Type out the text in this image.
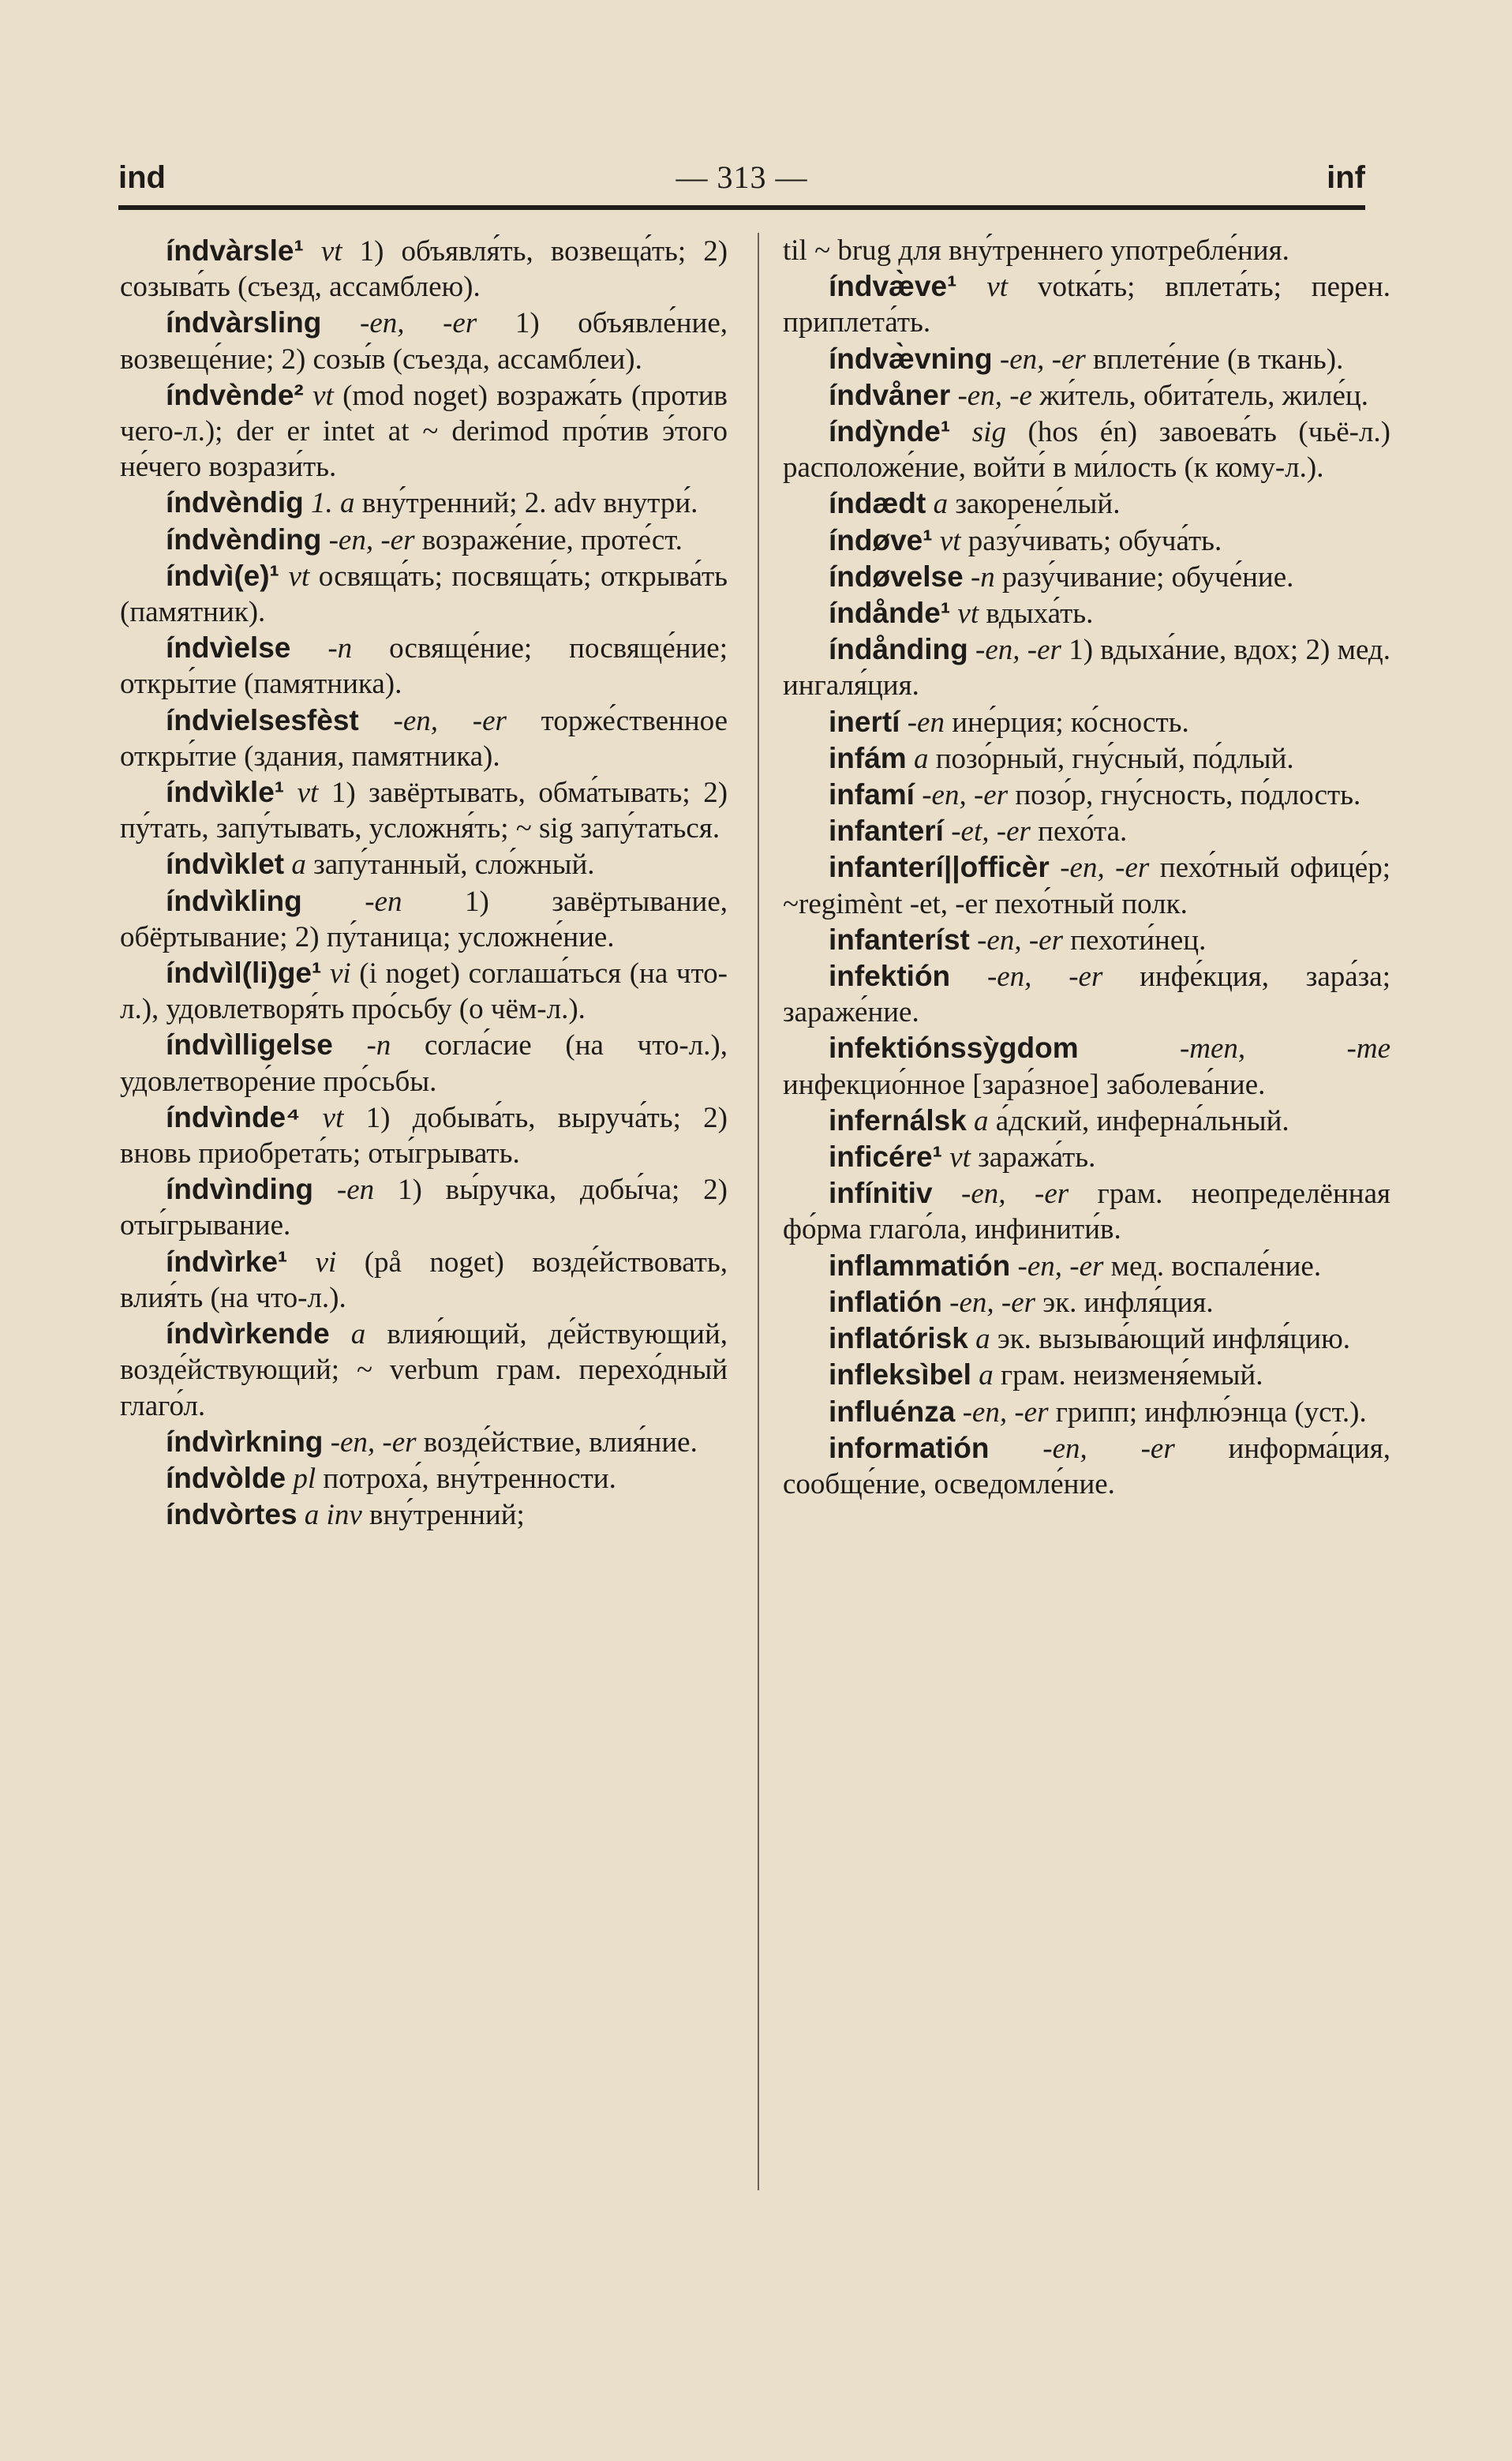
ind	— 313 —	inf

índvàrsle¹ vt 1) объявля́ть, возвеща́ть; 2) созыва́ть (съезд, ассамблею).

índvàrsling -en, -er 1) объявле́ние, возвеще́ние; 2) созы́в (съезда, ассамблеи).

índvènde² vt (mod noget) возража́ть (против чего-л.); der er intet at ~ derimod про́тив э́того не́чего возрази́ть.

índvèndig 1. a вну́тренний; 2. adv внутри́.

índvènding -en, -er возраже́ние, проте́ст.

índvì(e)¹ vt освяща́ть; посвяща́ть; открыва́ть (памятник).

índvìelse -n освяще́ние; посвяще́ние; откры́тие (памятника).

índvielsesfèst -en, -er торже́ственное откры́тие (здания, памятника).

índvìkle¹ vt 1) завёртывать, обма́тывать; 2) пу́тать, запу́тывать, усложня́ть; ~ sig запу́таться.

índvìklet a запу́танный, сло́жный.

índvìkling -en 1) завёртывание, обёртывание; 2) пу́таница; усложне́ние.

índvìl(li)ge¹ vi (i noget) соглаша́ться (на что-л.), удовлетворя́ть про́сьбу (о чём-л.).

índvìlligelse -n согла́сие (на что-л.), удовлетворе́ние про́сьбы.

índvìnde⁴ vt 1) добыва́ть, выруча́ть; 2) вновь приобрета́ть; оты́грывать.

índvìnding -en 1) вы́ручка, добы́ча; 2) оты́грывание.

índvìrke¹ vi (på noget) возде́йствовать, влия́ть (на что-л.).

índvìrkende a влия́ющий, де́йствующий, возде́йствующий; ~ verbum грам. перехо́дный глаго́л.

índvìrkning -en, -er возде́йствие, влия́ние.

índvòlde pl потроха́, вну́тренности.

índvòrtes a inv вну́тренний;

til ~ brug для вну́треннего употребле́ния.

índvæ̀ve¹ vt votка́ть; вплета́ть; перен. приплета́ть.

índvæ̀vning -en, -er вплете́ние (в ткань).

índvåner -en, -e жи́тель, обита́тель, жиле́ц.

índỳnde¹ sig (hos én) завоева́ть (чьё-л.) расположе́ние, войти́ в ми́лость (к кому-л.).

índædt a закорене́лый.

índøve¹ vt разу́чивать; обуча́ть.

índøvelse -n разу́чивание; обуче́ние.

índånde¹ vt вдыха́ть.

índånding -en, -er 1) вдыха́ние, вдох; 2) мед. ингаля́ция.

inertí -en ине́рция; ко́сность.

infám a позо́рный, гну́сный, по́длый.

infamí -en, -er позо́р, гну́сность, по́длость.

infanterí -et, -er пехо́та.

infanterí||officèr -en, -er пехо́тный офице́р; ~regimènt -et, -er пехо́тный полк.

infanteríst -en, -er пехоти́нец.

infektión -en, -er инфе́кция, зара́за; зараже́ние.

infektiónssỳgdom	-men, -me инфекцио́нное [зара́зное] заболева́ние.

infernálsk a а́дский, инферна́льный.

inficére¹ vt заража́ть.

infínitiv -en, -er грам. неопределённая фо́рма глаго́ла, инфинити́в.

inflammatión -en, -er мед. воспале́ние.

inflatión -en, -er эк. инфля́ция.

inflatórisk a эк. вызыва́ющий инфля́цию.

infleksìbel a грам. неизменя́емый.

influénza -en, -er грипп; инфлю́энца (уст.).

informatión -en, -er информа́ция, сообще́ние, осведомле́ние.
